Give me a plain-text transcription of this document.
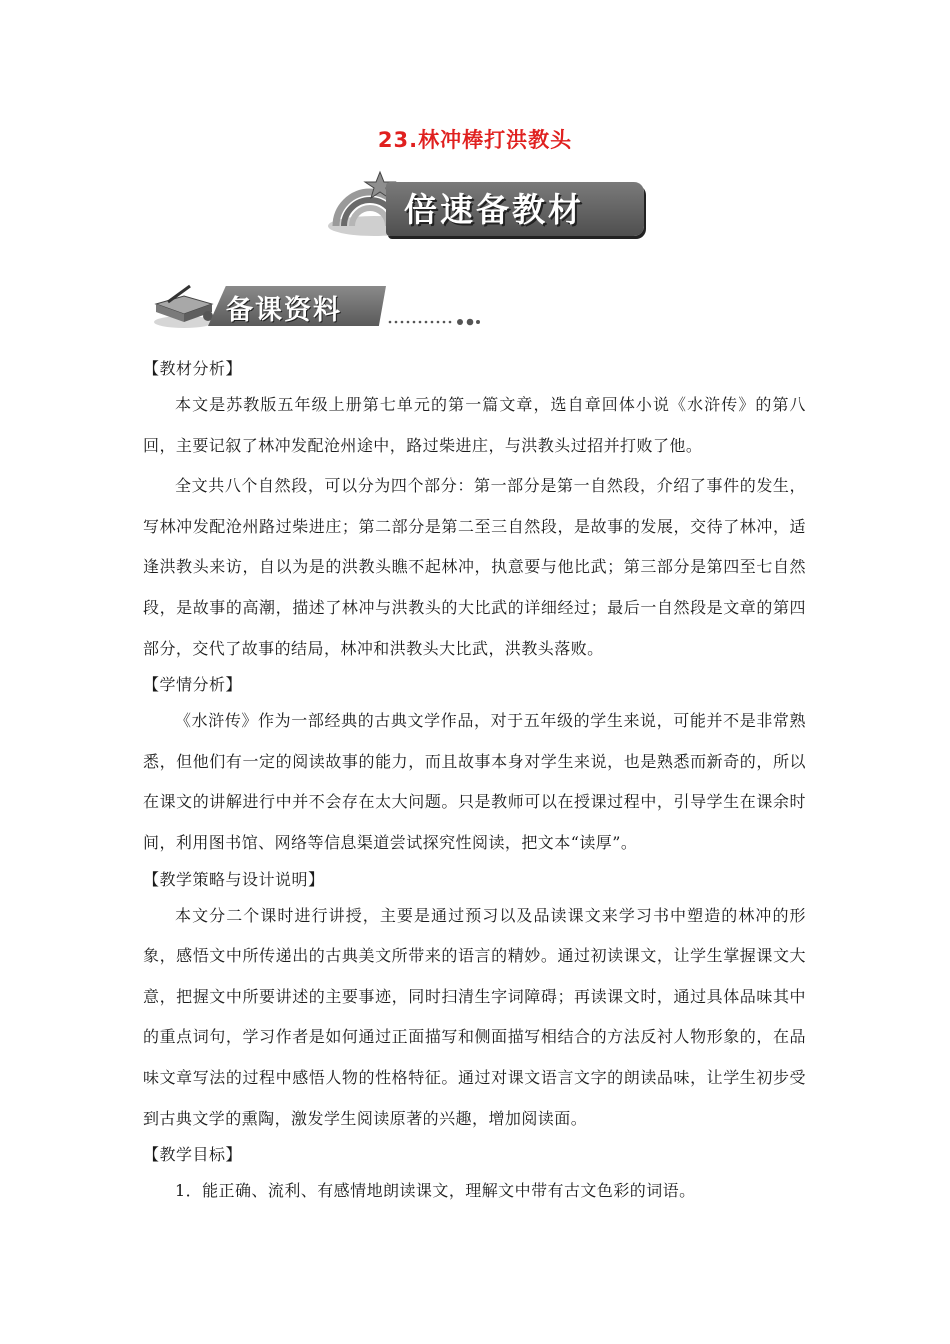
23.林冲棒打洪教头
倍速备教材
备课资料
【教材分析】

本文是苏教版五年级上册第七单元的第一篇文章，选自章回体小说《水浒传》的第八回，主要记叙了林冲发配沧州途中，路过柴进庄，与洪教头过招并打败了他。

全文共八个自然段，可以分为四个部分：第一部分是第一自然段，介绍了事件的发生，写林冲发配沧州路过柴进庄；第二部分是第二至三自然段，是故事的发展，交待了林冲，适逢洪教头来访，自以为是的洪教头瞧不起林冲，执意要与他比武；第三部分是第四至七自然段，是故事的高潮，描述了林冲与洪教头的大比武的详细经过；最后一自然段是文章的第四部分，交代了故事的结局，林冲和洪教头大比武，洪教头落败。

【学情分析】

《水浒传》作为一部经典的古典文学作品，对于五年级的学生来说，可能并不是非常熟悉，但他们有一定的阅读故事的能力，而且故事本身对学生来说，也是熟悉而新奇的，所以在课文的讲解进行中并不会存在太大问题。只是教师可以在授课过程中，引导学生在课余时间，利用图书馆、网络等信息渠道尝试探究性阅读，把文本“读厚”。

【教学策略与设计说明】

本文分二个课时进行讲授，主要是通过预习以及品读课文来学习书中塑造的林冲的形象，感悟文中所传递出的古典美文所带来的语言的精妙。通过初读课文，让学生掌握课文大意，把握文中所要讲述的主要事迹，同时扫清生字词障碍；再读课文时，通过具体品味其中的重点词句，学习作者是如何通过正面描写和侧面描写相结合的方法反衬人物形象的，在品味文章写法的过程中感悟人物的性格特征。通过对课文语言文字的朗读品味，让学生初步受到古典文学的熏陶，激发学生阅读原著的兴趣，增加阅读面。

【教学目标】

1．能正确、流利、有感情地朗读课文，理解文中带有古文色彩的词语。
